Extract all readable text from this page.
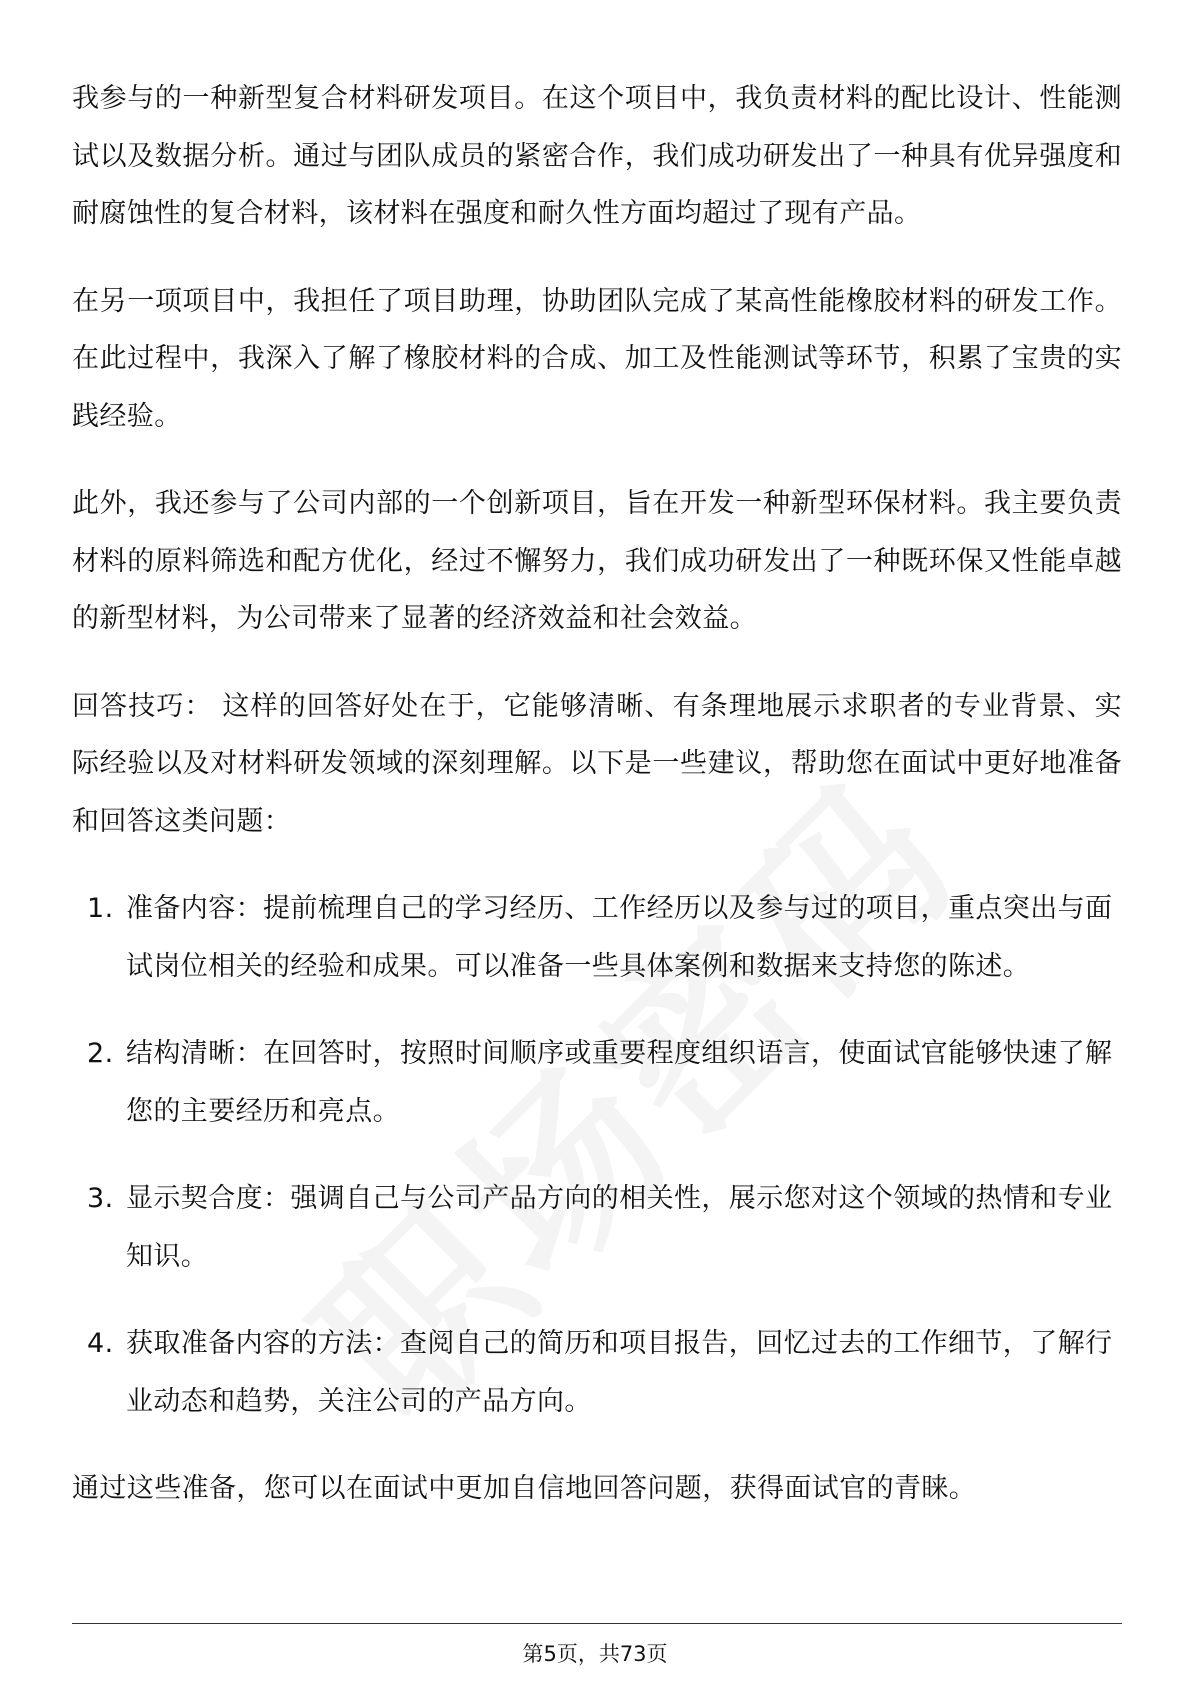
我参与的一种新型复合材料研发项目。在这个项目中，我负责材料的配比设计、性能测试以及数据分析。通过与团队成员的紧密合作，我们成功研发出了一种具有优异强度和耐腐蚀性的复合材料，该材料在强度和耐久性方面均超过了现有产品。

在另一项项目中，我担任了项目助理，协助团队完成了某高性能橡胶材料的研发工作。在此过程中，我深入了解了橡胶材料的合成、加工及性能测试等环节，积累了宝贵的实践经验。

此外，我还参与了公司内部的一个创新项目，旨在开发一种新型环保材料。我主要负责材料的原料筛选和配方优化，经过不懈努力，我们成功研发出了一种既环保又性能卓越的新型材料，为公司带来了显著的经济效益和社会效益。

回答技巧： 这样的回答好处在于，它能够清晰、有条理地展示求职者的专业背景、实际经验以及对材料研发领域的深刻理解。以下是一些建议，帮助您在面试中更好地准备和回答这类问题：

1. 准备内容：提前梳理自己的学习经历、工作经历以及参与过的项目，重点突出与面试岗位相关的经验和成果。可以准备一些具体案例和数据来支持您的陈述。
2. 结构清晰：在回答时，按照时间顺序或重要程度组织语言，使面试官能够快速了解您的主要经历和亮点。
3. 显示契合度：强调自己与公司产品方向的相关性，展示您对这个领域的热情和专业知识。
4. 获取准备内容的方法：查阅自己的简历和项目报告，回忆过去的工作细节，了解行业动态和趋势，关注公司的产品方向。

通过这些准备，您可以在面试中更加自信地回答问题，获得面试官的青睐。

第5页，共73页
